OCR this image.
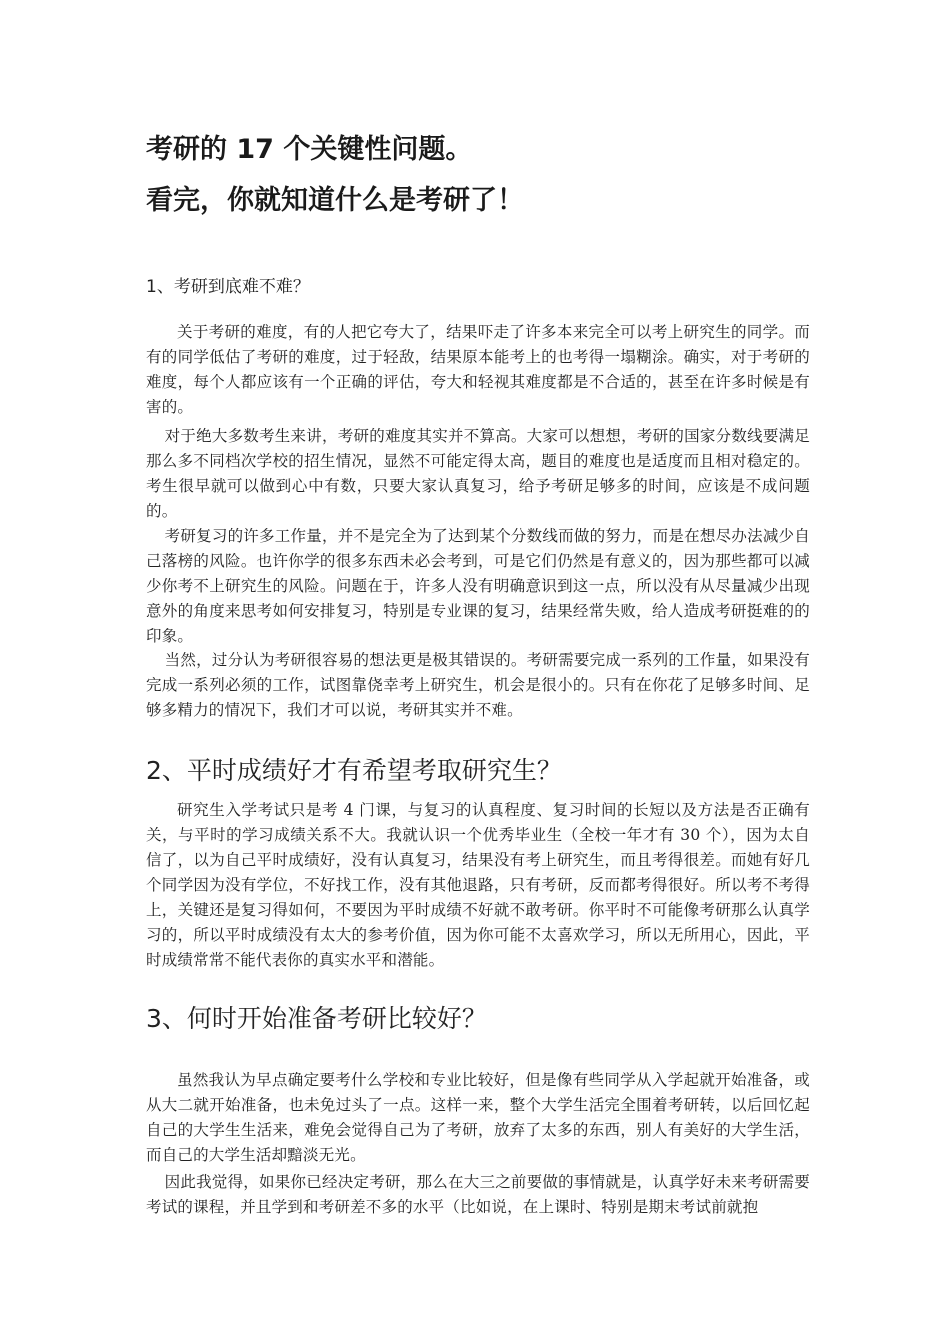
考研的 17 个关键性问题。
看完，你就知道什么是考研了！
1、考研到底难不难？

关于考研的难度，有的人把它夸大了，结果吓走了许多本来完全可以考上研究生的同学。而有的同学低估了考研的难度，过于轻敌，结果原本能考上的也考得一塌糊涂。确实，对于考研的难度，每个人都应该有一个正确的评估，夸大和轻视其难度都是不合适的，甚至在许多时候是有害的。

对于绝大多数考生来讲，考研的难度其实并不算高。大家可以想想，考研的国家分数线要满足那么多不同档次学校的招生情况，显然不可能定得太高，题目的难度也是适度而且相对稳定的。考生很早就可以做到心中有数，只要大家认真复习，给予考研足够多的时间，应该是不成问题的。

考研复习的许多工作量，并不是完全为了达到某个分数线而做的努力，而是在想尽办法减少自己落榜的风险。也许你学的很多东西未必会考到，可是它们仍然是有意义的，因为那些都可以减少你考不上研究生的风险。问题在于，许多人没有明确意识到这一点，所以没有从尽量减少出现意外的角度来思考如何安排复习，特别是专业课的复习，结果经常失败，给人造成考研挺难的的印象。

当然，过分认为考研很容易的想法更是极其错误的。考研需要完成一系列的工作量，如果没有完成一系列必须的工作，试图靠侥幸考上研究生，机会是很小的。只有在你花了足够多时间、足够多精力的情况下，我们才可以说，考研其实并不难。

2、平时成绩好才有希望考取研究生？

研究生入学考试只是考 4 门课，与复习的认真程度、复习时间的长短以及方法是否正确有关，与平时的学习成绩关系不大。我就认识一个优秀毕业生（全校一年才有 30 个），因为太自信了，以为自己平时成绩好，没有认真复习，结果没有考上研究生，而且考得很差。而她有好几个同学因为没有学位，不好找工作，没有其他退路，只有考研，反而都考得很好。所以考不考得上，关键还是复习得如何，不要因为平时成绩不好就不敢考研。你平时不可能像考研那么认真学习的，所以平时成绩没有太大的参考价值，因为你可能不太喜欢学习，所以无所用心，因此，平时成绩常常不能代表你的真实水平和潜能。

3、何时开始准备考研比较好？

虽然我认为早点确定要考什么学校和专业比较好，但是像有些同学从入学起就开始准备，或从大二就开始准备，也未免过头了一点。这样一来，整个大学生活完全围着考研转，以后回忆起自己的大学生生活来，难免会觉得自己为了考研，放弃了太多的东西，别人有美好的大学生活，而自己的大学生活却黯淡无光。

因此我觉得，如果你已经决定考研，那么在大三之前要做的事情就是，认真学好未来考研需要考试的课程，并且学到和考研差不多的水平（比如说，在上课时、特别是期末考试前就抱
